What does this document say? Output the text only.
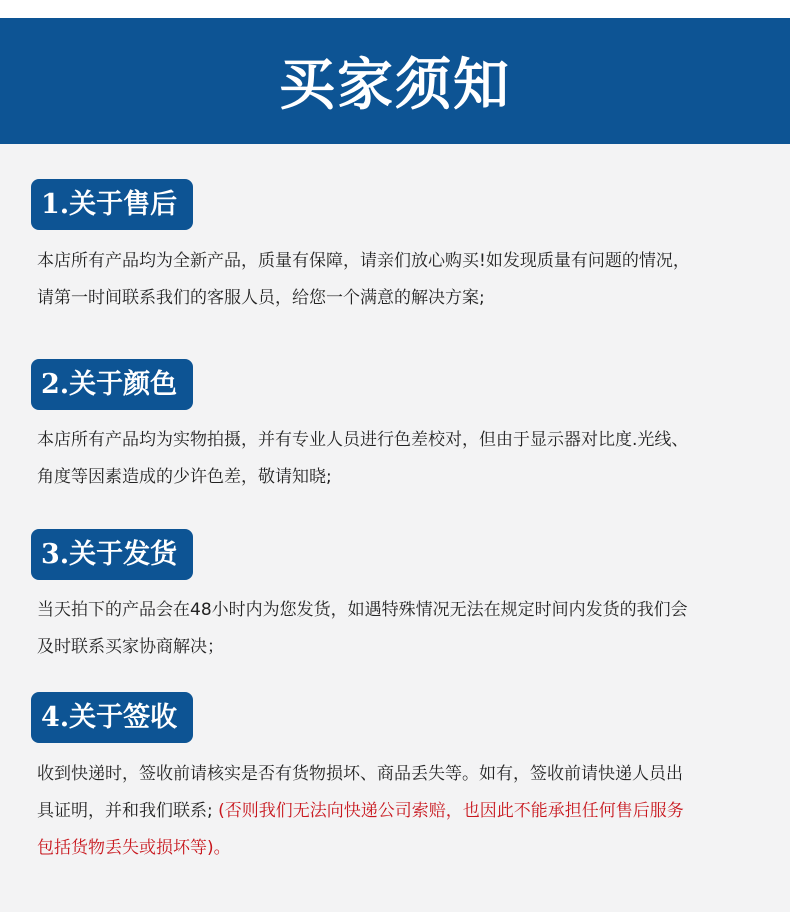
买家须知
1.关于售后
本店所有产品均为全新产品，质量有保障，请亲们放心购买!如发现质量有问题的情况，
请第一时间联系我们的客服人员，给您一个满意的解决方案;
2.关于颜色
本店所有产品均为实物拍摄，并有专业人员进行色差校对，但由于显示器对比度.光线、
角度等因素造成的少许色差，敬请知晓;
3.关于发货
当天拍下的产品会在48小时内为您发货，如遇特殊情况无法在规定时间内发货的我们会
及时联系买家协商解决；
4.关于签收
收到快递时，签收前请核实是否有货物损坏、商品丢失等。如有，签收前请快递人员出
具证明，并和我们联系; (否则我们无法向快递公司索赔，也因此不能承担任何售后服务
包括货物丢失或损坏等)。
